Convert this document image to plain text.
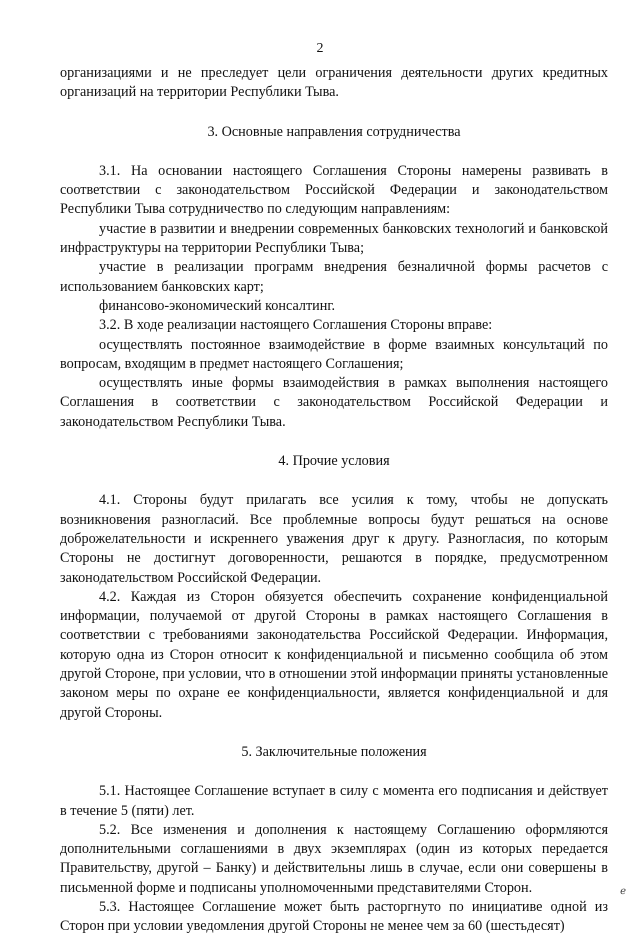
2

организациями и не преследует цели ограничения деятельности других кредитных организаций на территории Республики Тыва.

3. Основные направления сотрудничества

3.1. На основании настоящего Соглашения Стороны намерены развивать в соответствии с законодательством Российской Федерации и законодательством Республики Тыва сотрудничество по следующим направлениям:

участие в развитии и внедрении современных банковских технологий и банковской инфраструктуры на территории Республики Тыва;

участие в реализации программ внедрения безналичной формы расчетов с использованием банковских карт;

финансово-экономический консалтинг.

3.2. В ходе реализации настоящего Соглашения Стороны вправе:

осуществлять постоянное взаимодействие в форме взаимных консультаций по вопросам, входящим в предмет настоящего Соглашения;

осуществлять иные формы взаимодействия в рамках выполнения настоящего Соглашения в соответствии с законодательством Российской Федерации и законодательством Республики Тыва.

4. Прочие условия

4.1. Стороны будут прилагать все усилия к тому, чтобы не допускать возникновения разногласий. Все проблемные вопросы будут решаться на основе доброжелательности и искреннего уважения друг к другу. Разногласия, по которым Стороны не достигнут договоренности, решаются в порядке, предусмотренном законодательством Российской Федерации.

4.2. Каждая из Сторон обязуется обеспечить сохранение конфиденциальной информации, получаемой от другой Стороны в рамках настоящего Соглашения в соответствии с требованиями законодательства Российской Федерации. Информация, которую одна из Сторон относит к конфиденциальной и письменно сообщила об этом другой Стороне, при условии, что в отношении этой информации приняты установленные законом меры по охране ее конфиденциальности, является конфиденциальной и для другой Стороны.

5. Заключительные положения

5.1. Настоящее Соглашение вступает в силу с момента его подписания и действует в течение 5 (пяти) лет.

5.2. Все изменения и дополнения к настоящему Соглашению оформляются дополнительными соглашениями в двух экземплярах (один из которых передается Правительству, другой – Банку) и действительны лишь в случае, если они совершены в письменной форме и подписаны уполномоченными представителями Сторон.

5.3. Настоящее Соглашение может быть расторгнуто по инициативе одной из Сторон при условии уведомления другой Стороны не менее чем за 60 (шестьдесят)

ℯ
